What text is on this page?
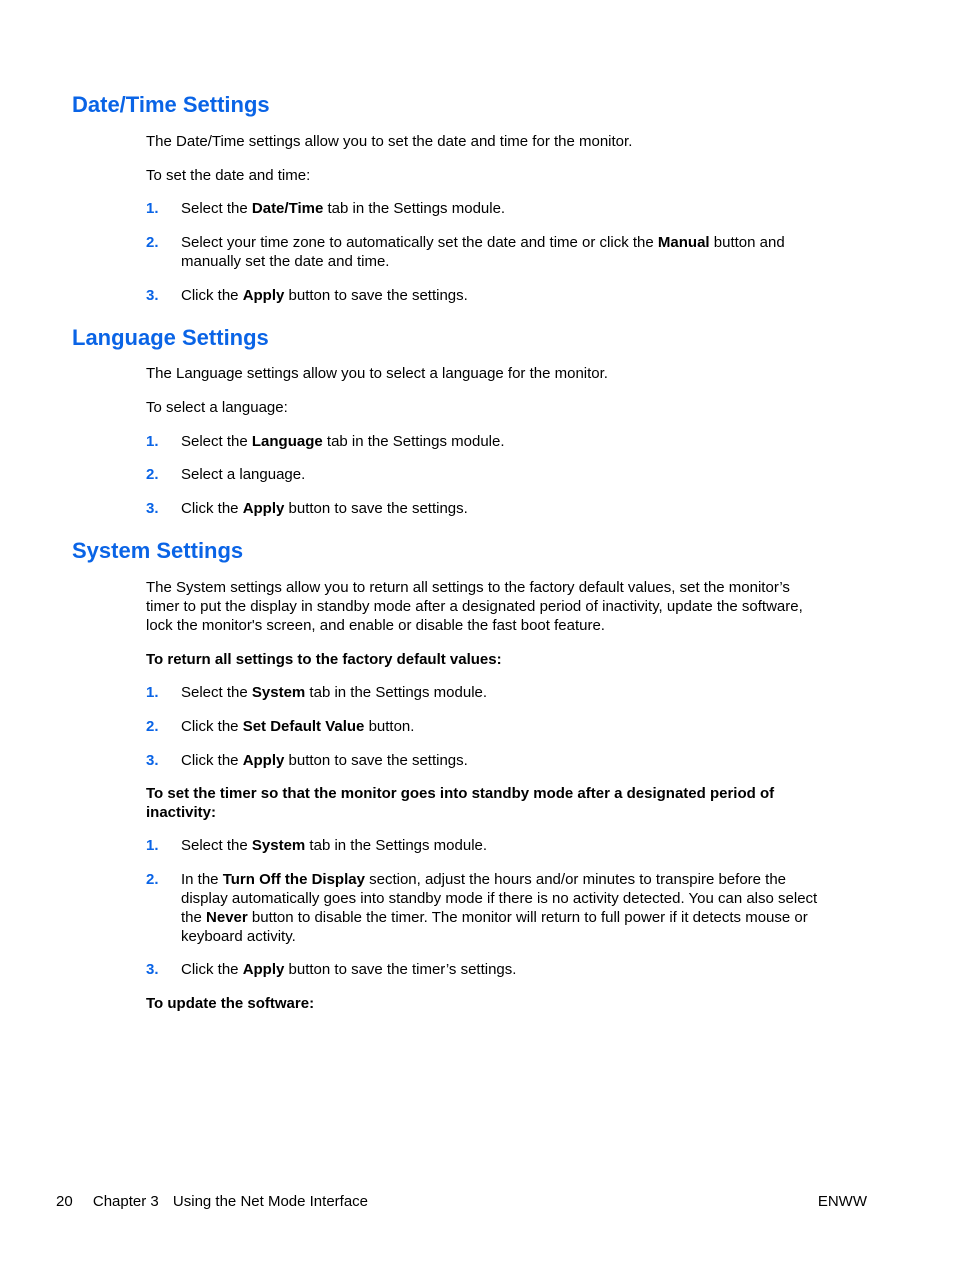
Date/Time Settings

The Date/Time settings allow you to set the date and time for the monitor.

To set the date and time:

1. Select the Date/Time tab in the Settings module.
2. Select your time zone to automatically set the date and time or click the Manual button and
manually set the date and time.
3. Click the Apply button to save the settings.
Language Settings

The Language settings allow you to select a language for the monitor.

To select a language:

1. Select the Language tab in the Settings module.
2. Select a language.
3. Click the Apply button to save the settings.
System Settings

The System settings allow you to return all settings to the factory default values, set the monitor’s

timer to put the display in standby mode after a designated period of inactivity, update the software,

lock the monitor's screen, and enable or disable the fast boot feature.

To return all settings to the factory default values:

1. Select the System tab in the Settings module.
2. Click the Set Default Value button.
3. Click the Apply button to save the settings.

To set the timer so that the monitor goes into standby mode after a designated period of

inactivity:

1. Select the System tab in the Settings module.
2. In the Turn Off the Display section, adjust the hours and/or minutes to transpire before the
display automatically goes into standby mode if there is no activity detected. You can also select
the Never button to disable the timer. The monitor will return to full power if it detects mouse or
keyboard activity.
3. Click the Apply button to save the timer’s settings.

To update the software:

20 Chapter 3 Using the Net Mode Interface	ENWW
